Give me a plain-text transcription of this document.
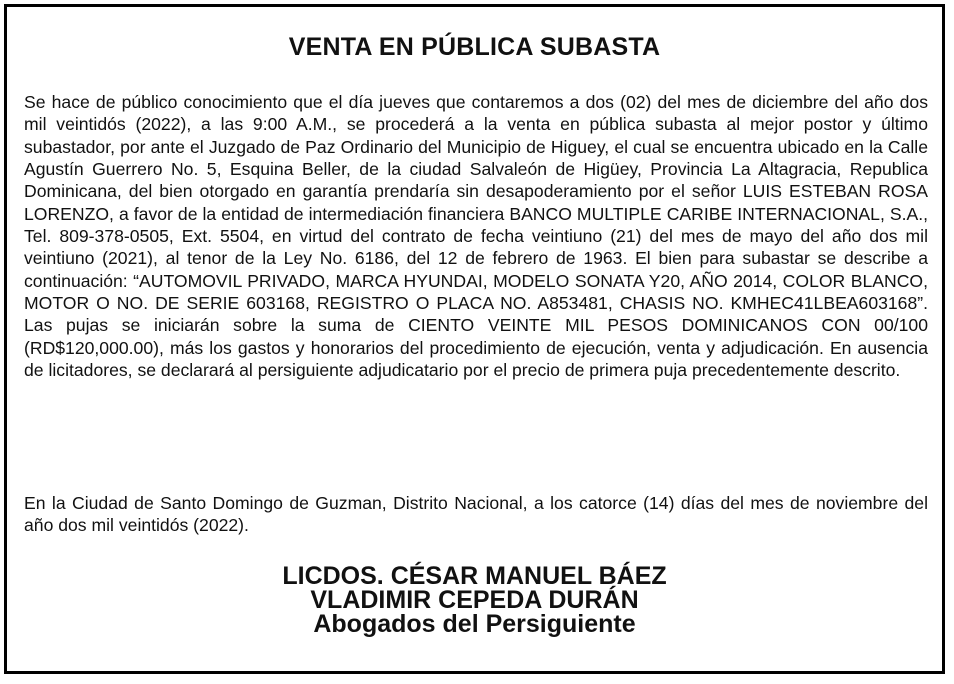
VENTA EN PÚBLICA SUBASTA

Se hace de público conocimiento que el día jueves que contaremos a dos (02) del mes de diciembre del año dos mil veintidós (2022), a las 9:00 A.M., se procederá a la venta en pública subasta al mejor postor y último subastador, por ante el Juzgado de Paz Ordinario del Municipio de Higuey, el cual se encuentra ubicado en la Calle Agustín Guerrero No. 5, Esquina Beller, de la ciudad Salvaleón de Higüey, Provincia La Altagracia, Republica Dominicana, del bien otorgado en garantía prendaría sin desapoderamiento por el señor LUIS ESTEBAN ROSA LORENZO, a favor de la entidad de intermediación financiera BANCO MULTIPLE CARIBE INTERNACIONAL, S.A., Tel. 809-378-0505, Ext. 5504, en virtud del contrato de fecha veintiuno (21) del mes de mayo del año dos mil veintiuno (2021), al tenor de la Ley No. 6186, del 12 de febrero de 1963. El bien para subastar se describe a continuación: “AUTOMOVIL PRIVADO, MARCA HYUNDAI, MODELO SONATA Y20, AÑO 2014, COLOR BLANCO, MOTOR O NO. DE SERIE 603168, REGISTRO O PLACA NO. A853481, CHASIS NO. KMHEC41LBEA603168”. Las pujas se iniciarán sobre la suma de CIENTO VEINTE MIL PESOS DOMINICANOS CON 00/100 (RD$120,000.00), más los gastos y honorarios del procedimiento de ejecución, venta y adjudicación. En ausencia de licitadores, se declarará al persiguiente adjudicatario por el precio de primera puja precedentemente descrito.

En la Ciudad de Santo Domingo de Guzman, Distrito Nacional, a los catorce (14) días del mes de noviembre del año dos mil veintidós (2022).

LICDOS. CÉSAR MANUEL BÁEZ
VLADIMIR CEPEDA DURÁN
Abogados del Persiguiente
